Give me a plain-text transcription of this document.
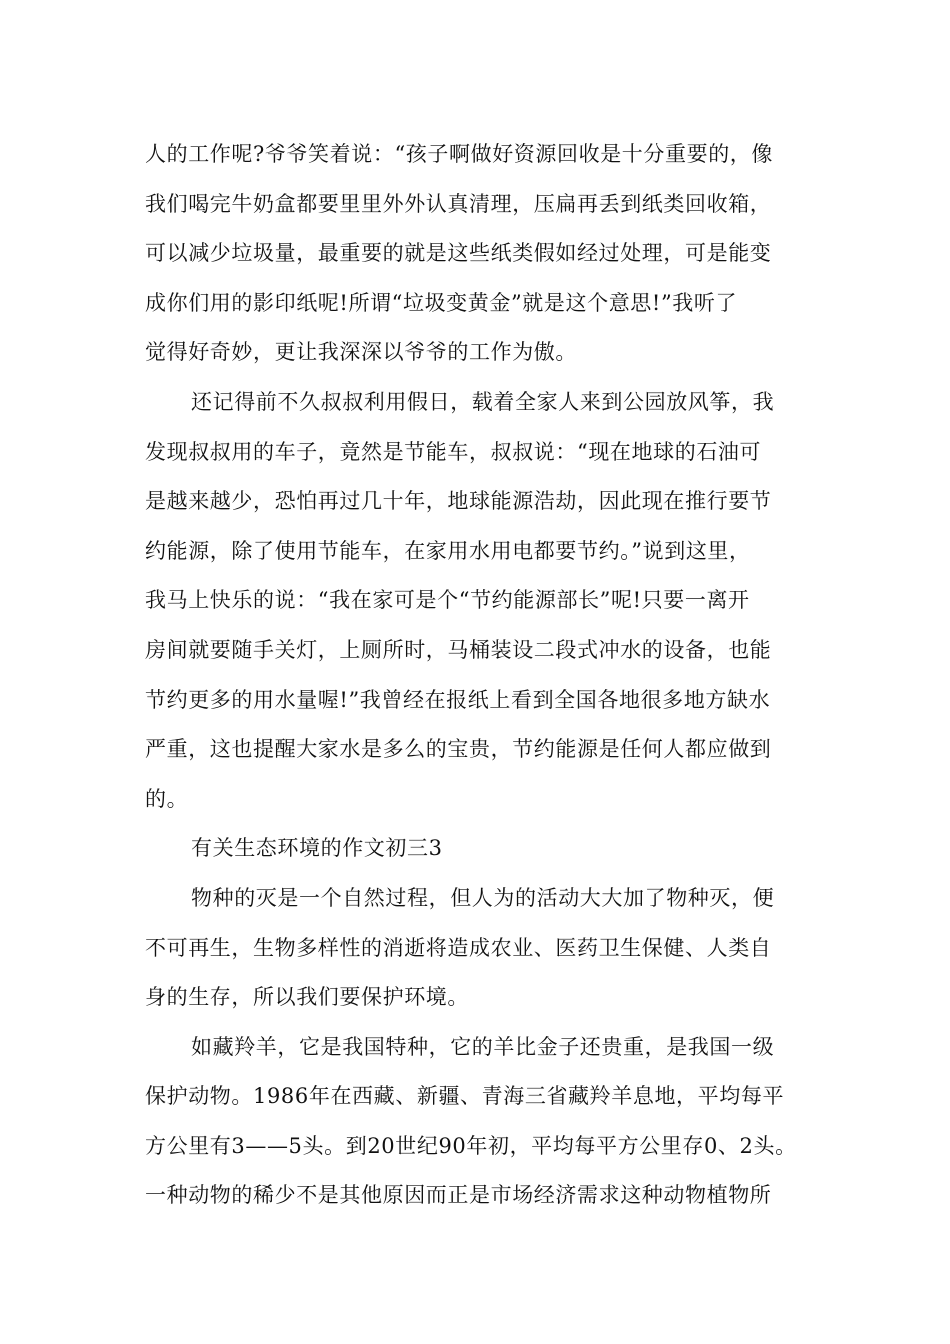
人的工作呢?爷爷笑着说：“孩子啊做好资源回收是十分重要的，像
我们喝完牛奶盒都要里里外外认真清理，压扁再丢到纸类回收箱，
可以减少垃圾量，最重要的就是这些纸类假如经过处理，可是能变
成你们用的影印纸呢!所谓“垃圾变黄金”就是这个意思!”我听了
觉得好奇妙，更让我深深以爷爷的工作为傲。
还记得前不久叔叔利用假日，载着全家人来到公园放风筝，我
发现叔叔用的车子，竟然是节能车，叔叔说：“现在地球的石油可
是越来越少，恐怕再过几十年，地球能源浩劫，因此现在推行要节
约能源，除了使用节能车，在家用水用电都要节约。”说到这里，
我马上快乐的说：“我在家可是个“节约能源部长”呢!只要一离开
房间就要随手关灯，上厕所时，马桶装设二段式冲水的设备，也能
节约更多的用水量喔!”我曾经在报纸上看到全国各地很多地方缺水
严重，这也提醒大家水是多么的宝贵，节约能源是任何人都应做到
的。
有关生态环境的作文初三3
物种的灭是一个自然过程，但人为的活动大大加了物种灭，便
不可再生，生物多样性的消逝将造成农业、医药卫生保健、人类自
身的生存，所以我们要保护环境。
如藏羚羊，它是我国特种，它的羊比金子还贵重，是我国一级
保护动物。1986年在西藏、新疆、青海三省藏羚羊息地，平均每平
方公里有3——5头。到20世纪90年初，平均每平方公里存0、2头。
一种动物的稀少不是其他原因而正是市场经济需求这种动物植物所
